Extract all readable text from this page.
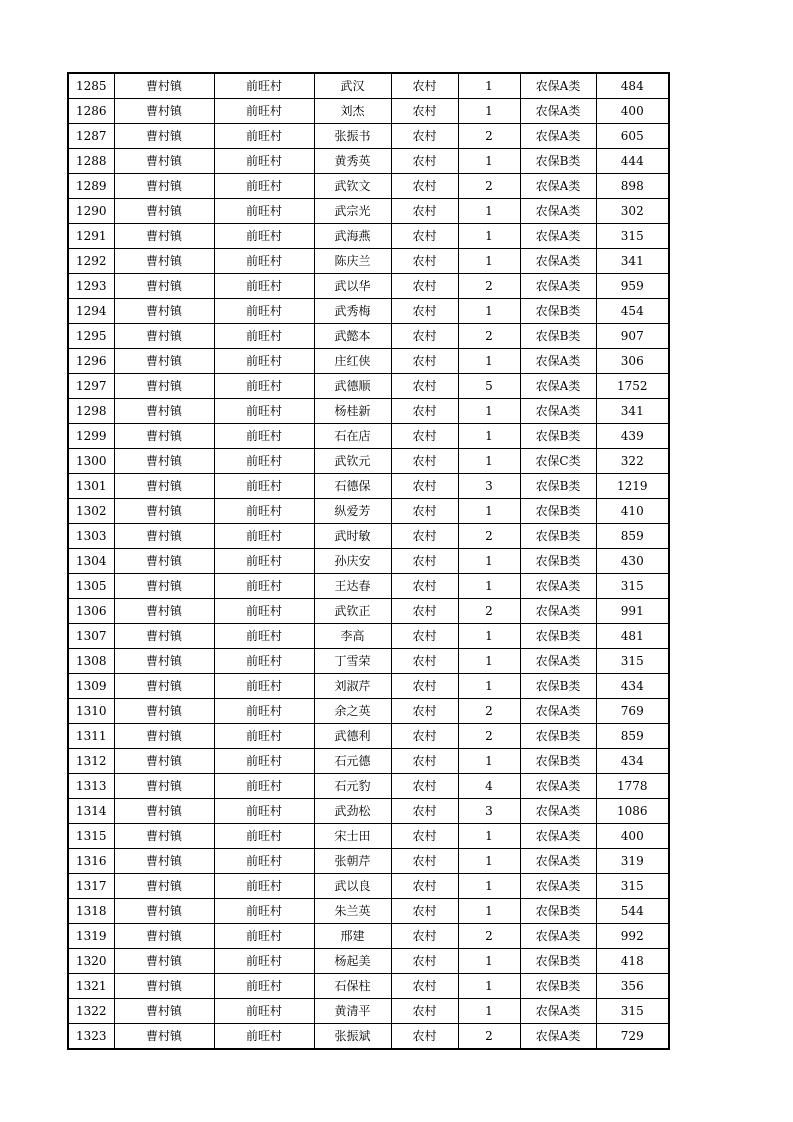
1285	曹村镇	前旺村	武汉	农村	1	农保A类	484
1286	曹村镇	前旺村	刘杰	农村	1	农保A类	400
1287	曹村镇	前旺村	张振书	农村	2	农保A类	605
1288	曹村镇	前旺村	黄秀英	农村	1	农保B类	444
1289	曹村镇	前旺村	武钦文	农村	2	农保A类	898
1290	曹村镇	前旺村	武宗光	农村	1	农保A类	302
1291	曹村镇	前旺村	武海燕	农村	1	农保A类	315
1292	曹村镇	前旺村	陈庆兰	农村	1	农保A类	341
1293	曹村镇	前旺村	武以华	农村	2	农保A类	959
1294	曹村镇	前旺村	武秀梅	农村	1	农保B类	454
1295	曹村镇	前旺村	武懿本	农村	2	农保B类	907
1296	曹村镇	前旺村	庄红侠	农村	1	农保A类	306
1297	曹村镇	前旺村	武德顺	农村	5	农保A类	1752
1298	曹村镇	前旺村	杨桂新	农村	1	农保A类	341
1299	曹村镇	前旺村	石在店	农村	1	农保B类	439
1300	曹村镇	前旺村	武钦元	农村	1	农保C类	322
1301	曹村镇	前旺村	石德保	农村	3	农保B类	1219
1302	曹村镇	前旺村	纵爱芳	农村	1	农保B类	410
1303	曹村镇	前旺村	武时敏	农村	2	农保B类	859
1304	曹村镇	前旺村	孙庆安	农村	1	农保B类	430
1305	曹村镇	前旺村	王达春	农村	1	农保A类	315
1306	曹村镇	前旺村	武钦正	农村	2	农保A类	991
1307	曹村镇	前旺村	李高	农村	1	农保B类	481
1308	曹村镇	前旺村	丁雪荣	农村	1	农保A类	315
1309	曹村镇	前旺村	刘淑芹	农村	1	农保B类	434
1310	曹村镇	前旺村	余之英	农村	2	农保A类	769
1311	曹村镇	前旺村	武德利	农村	2	农保B类	859
1312	曹村镇	前旺村	石元德	农村	1	农保B类	434
1313	曹村镇	前旺村	石元豹	农村	4	农保A类	1778
1314	曹村镇	前旺村	武劲松	农村	3	农保A类	1086
1315	曹村镇	前旺村	宋士田	农村	1	农保A类	400
1316	曹村镇	前旺村	张朝芹	农村	1	农保A类	319
1317	曹村镇	前旺村	武以良	农村	1	农保A类	315
1318	曹村镇	前旺村	朱兰英	农村	1	农保B类	544
1319	曹村镇	前旺村	邢建	农村	2	农保A类	992
1320	曹村镇	前旺村	杨起美	农村	1	农保B类	418
1321	曹村镇	前旺村	石保柱	农村	1	农保B类	356
1322	曹村镇	前旺村	黄清平	农村	1	农保A类	315
1323	曹村镇	前旺村	张振斌	农村	2	农保A类	729
